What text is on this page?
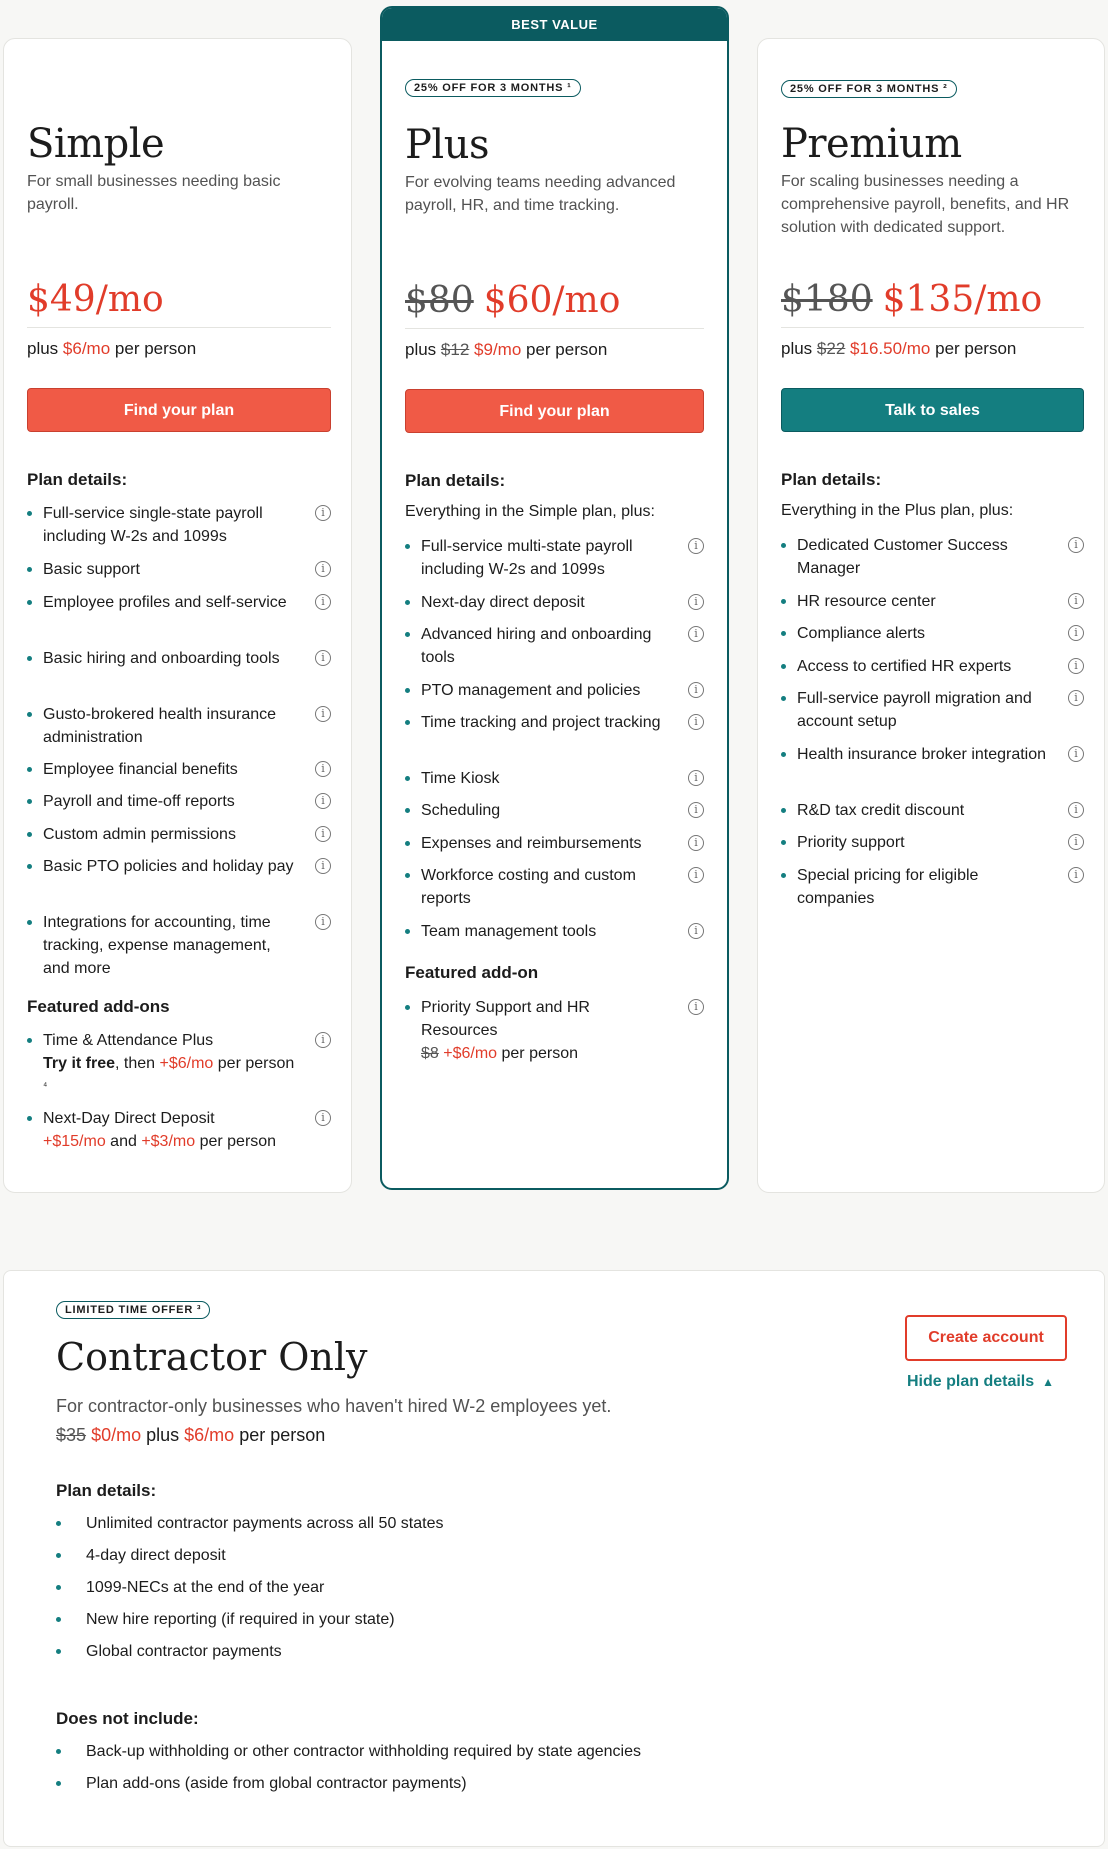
Simple
For small businesses needing basic payroll.
$49/mo
plus $6/mo per person
Find your plan
Plan details:
Full-service single-state payroll including W-2s and 1099s
i
Basic support	i
Employee profiles and self-service	i
Basic hiring and onboarding tools	i
Gusto-brokered health insurance administration
i
Employee financial benefits	i
Payroll and time-off reports	i
Custom admin permissions	i
Basic PTO policies and holiday pay	i
Integrations for accounting, time tracking, expense management, and more
i
Featured add-ons
Time & Attendance Plus
Try it free, then +$6/mo per person $^{^4}$
i
Next-Day Direct Deposit
+$15/mo and +$3/mo per person
i
BEST VALUE
25% OFF FOR 3 MONTHS ¹
Plus
For evolving teams needing advanced payroll, HR, and time tracking.
$80 $60/mo
plus $12 $9/mo per person
Find your plan
Plan details:
Everything in the Simple plan, plus:
Full-service multi-state payroll including W-2s and 1099s
i
Next-day direct deposit	i
Advanced hiring and onboarding tools
i
PTO management and policies	i
Time tracking and project tracking	i
Time Kiosk	i
Scheduling	i
Expenses and reimbursements	i
Workforce costing and custom reports
i
Team management tools	i
Featured add-on
Priority Support and HR Resources
$8 +$6/mo per person
i
25% OFF FOR 3 MONTHS ²
Premium
For scaling businesses needing a comprehensive payroll, benefits, and HR solution with dedicated support.
$180 $135/mo
plus $22 $16.50/mo per person
Talk to sales
Plan details:
Everything in the Plus plan, plus:
Dedicated Customer Success Manager
i
HR resource center	i
Compliance alerts	i
Access to certified HR experts	i
Full-service payroll migration and account setup
i
Health insurance broker integration	i
R&D tax credit discount	i
Priority support	i
Special pricing for eligible companies
i
LIMITED TIME OFFER ³
Contractor Only
For contractor-only businesses who haven't hired W-2 employees yet.
$35 $0/mo plus $6/mo per person
Create account
Hide plan details ▲
Plan details:
Unlimited contractor payments across all 50 states
4-day direct deposit
1099-NECs at the end of the year
New hire reporting (if required in your state)
Global contractor payments
Does not include:
Back-up withholding or other contractor withholding required by state agencies
Plan add-ons (aside from global contractor payments)
